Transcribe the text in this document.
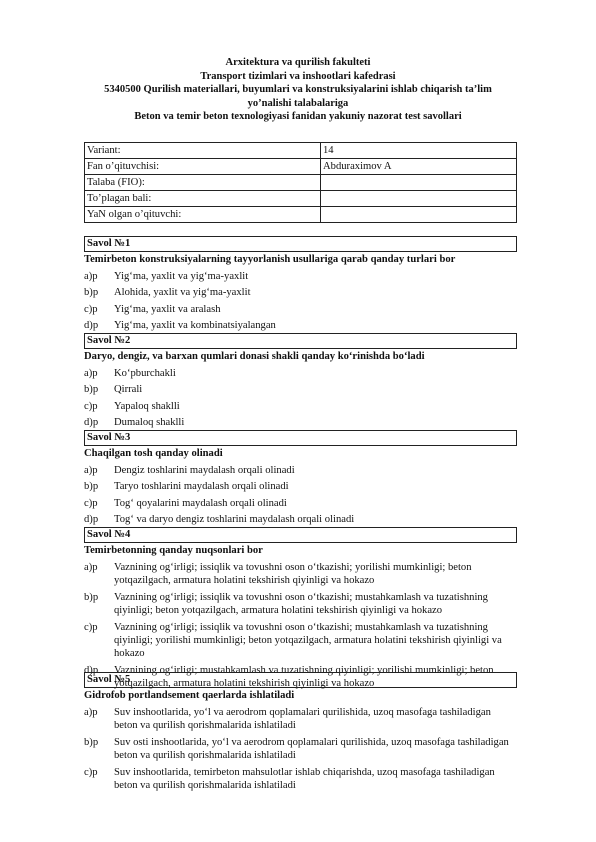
Arxitektura va qurilish fakulteti
Transport tizimlari va inshootlari kafedrasi
5340500 Qurilish materiallari, buyumlari va konstruksiyalarini ishlab chiqarish ta’lim
yo’nalishi talabalariga
Beton va temir beton texnologiyasi fanidan yakuniy nazorat test savollari
Variant:	14
Fan o’qituvchisi:	Abduraximov A
Talaba (FIO):	
To’plagan bali:	
YaN olgan o’qituvchi:	
Savol №1
Temirbeton konstruksiyalarning tayyorlanish usullariga qarab qanday turlari bor
a)p	Yig‘ma, yaxlit va yig‘ma-yaxlit
b)p	Alohida, yaxlit va yig‘ma-yaxlit
c)p	Yig‘ma, yaxlit va aralash
d)p	Yig‘ma, yaxlit va kombinatsiyalangan
Savol №2
Daryo, dengiz, va barxan qumlari donasi shakli qanday ko‘rinishda bo‘ladi
a)p	Ko‘pburchakli
b)p	Qirrali
c)p	Yapaloq shaklli
d)p	Dumaloq shaklli
Savol №3
Chaqilgan tosh qanday olinadi
a)p	Dengiz toshlarini maydalash orqali olinadi
b)p	Taryo toshlarini maydalash orqali olinadi
c)p	Tog‘ qoyalarini maydalash orqali olinadi
d)p	Tog‘ va daryo dengiz toshlarini maydalash orqali olinadi
Savol №4
Temirbetonning qanday nuqsonlari bor
a)p	Vaznining og‘irligi; issiqlik va tovushni oson o‘tkazishi; yorilishi mumkinligi; beton yotqazilgach, armatura holatini tekshirish qiyinligi va hokazo
b)p	Vaznining og‘irligi; issiqlik va tovushni oson o‘tkazishi; mustahkamlash va tuzatishning qiyinligi; beton yotqazilgach, armatura holatini tekshirish qiyinligi va hokazo
c)p	Vaznining og‘irligi; issiqlik va tovushni oson o‘tkazishi; mustahkamlash va tuzatishning qiyinligi; yorilishi mumkinligi; beton yotqazilgach, armatura holatini tekshirish qiyinligi va hokazo
d)p	Vaznining og‘irligi; mustahkamlash va tuzatishning qiyinligi; yorilishi mumkinligi; beton yotqazilgach, armatura holatini tekshirish qiyinligi va hokazo
Savol №5
Gidrofob portlandsement qaerlarda ishlatiladi
a)p	Suv inshootlarida, yo‘l va aerodrom qoplamalari qurilishida, uzoq masofaga tashiladigan beton va qurilish qorishmalarida ishlatiladi
b)p	Suv osti inshootlarida, yo‘l va aerodrom qoplamalari qurilishida, uzoq masofaga tashiladigan beton va qurilish qorishmalarida ishlatiladi
c)p	Suv inshootlarida, temirbeton mahsulotlar ishlab chiqarishda, uzoq masofaga tashiladigan beton va qurilish qorishmalarida ishlatiladi
